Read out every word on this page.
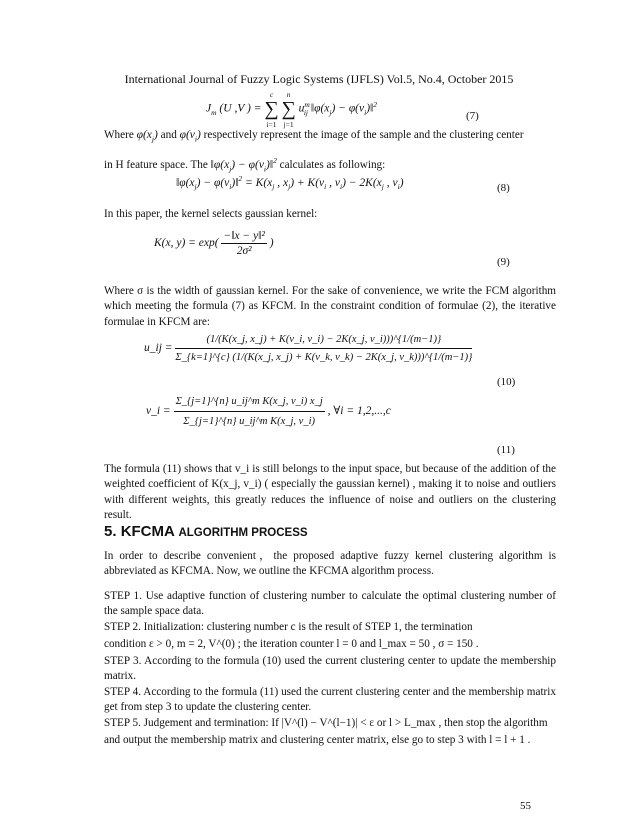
International Journal of Fuzzy Logic Systems (IJFLS) Vol.5, No.4, October 2015
$J_m$ (U ,V ) = c
∑
i=1 n
∑
j=1 $u^m_{ij}$ $‖\varphi(x_j)$ − $\varphi(v_i)‖^2$
(7)
Where $\varphi(x_j)$ and $\varphi(v_i)$ respectively represent the image of the sample and the clustering center
in H feature space. The $‖\varphi(x_j)$ − $\varphi(v_i)‖^2$ calculates as following:
$‖\varphi(x_j)$ − $\varphi(v_i)‖^2 = K(x_j$ , $x_j) + K(v_i$ , $v_i) - 2K(x_j$ , $v_i$)	(8)
In this paper, the kernel selects gaussian kernel:
K(x, $y) = \exp( \frac{\text{−‖x − y‖²}}{\text{2σ²}}$ )
(9)
Where σ is the width of gaussian kernel. For the sake of convenience, we write the FCM algorithm which meeting the formula (7) as KFCM. In the constraint condition of formulae (2), the iterative formulae in KFCM are:
u_ij =
(1/(K(x_j, x_j) + K(v_i, v_i) − 2K(x_j, v_i)))^{1/(m−1)}
Σ_{k=1}^{c} (1/(K(x_j, x_j) + K(v_k, v_k) − 2K(x_j, v_k)))^{1/(m−1)}
(10)
v_i = $\frac{\text{Σ\_\{j=1\}\textasciicircum{}\{n\} u\_ij\textasciicircum{}m K(x\_j, v\_i) x\_j}}{\text{Σ\_\{j=1\}\textasciicircum{}\{n\} u\_ij\textasciicircum{}m K(x\_j, v\_i)}}$ , ∀i = 1,2,...,c
(11)
The formula (11) shows that v_i is still belongs to the input space, but because of the addition of the weighted coefficient of K(x_j, v_i) ( especially the gaussian kernel) , making it to noise and outliers with different weights, this greatly reduces the influence of noise and outliers on the clustering result.
5. KFCMA ALGORITHM PROCESS
In order to describe convenient，the proposed adaptive fuzzy kernel clustering algorithm is abbreviated as KFCMA. Now, we outline the KFCMA algorithm process.
STEP 1. Use adaptive function of clustering number to calculate the optimal clustering number of the sample space data.
STEP 2. Initialization: clustering number c is the result of STEP 1, the termination
condition ε > 0, m = 2, V^(0) ; the iteration counter l = 0 and l_max = 50 , σ = 150 .
STEP 3. According to the formula (10) used the current clustering center to update the membership matrix.
STEP 4. According to the formula (11) used the current clustering center and the membership matrix get from step 3 to update the clustering center.
STEP 5. Judgement and termination: If |V^(l) − V^(l−1)| < ε or l > L_max , then stop the algorithm
and output the membership matrix and clustering center matrix, else go to step 3 with l = l + 1 .
55
